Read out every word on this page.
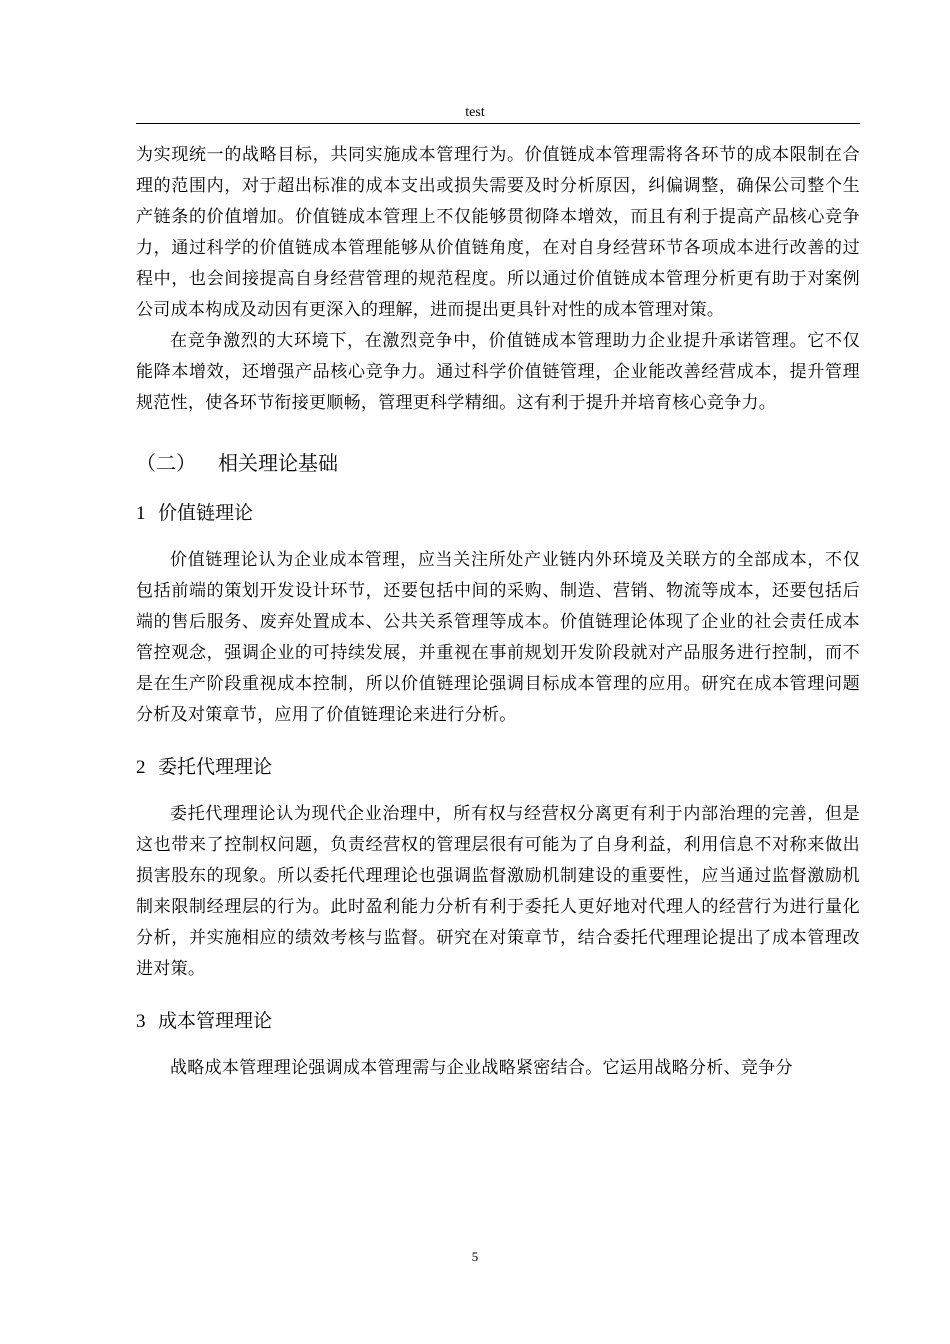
test

为实现统一的战略目标，共同实施成本管理行为。价值链成本管理需将各环节的成本限制在合理的范围内，对于超出标准的成本支出或损失需要及时分析原因，纠偏调整，确保公司整个生产链条的价值增加。价值链成本管理上不仅能够贯彻降本增效，而且有利于提高产品核心竞争力，通过科学的价值链成本管理能够从价值链角度，在对自身经营环节各项成本进行改善的过程中，也会间接提高自身经营管理的规范程度。所以通过价值链成本管理分析更有助于对案例公司成本构成及动因有更深入的理解，进而提出更具针对性的成本管理对策。

在竞争激烈的大环境下，在激烈竞争中，价值链成本管理助力企业提升承诺管理。它不仅能降本增效，还增强产品核心竞争力。通过科学价值链管理，企业能改善经营成本，提升管理规范性，使各环节衔接更顺畅，管理更科学精细。这有利于提升并培育核心竞争力。

（二） 相关理论基础
1 价值链理论

价值链理论认为企业成本管理，应当关注所处产业链内外环境及关联方的全部成本，不仅包括前端的策划开发设计环节，还要包括中间的采购、制造、营销、物流等成本，还要包括后端的售后服务、废弃处置成本、公共关系管理等成本。价值链理论体现了企业的社会责任成本管控观念，强调企业的可持续发展，并重视在事前规划开发阶段就对产品服务进行控制，而不是在生产阶段重视成本控制，所以价值链理论强调目标成本管理的应用。研究在成本管理问题分析及对策章节，应用了价值链理论来进行分析。

2 委托代理理论

委托代理理论认为现代企业治理中，所有权与经营权分离更有利于内部治理的完善，但是这也带来了控制权问题，负责经营权的管理层很有可能为了自身利益，利用信息不对称来做出损害股东的现象。所以委托代理理论也强调监督激励机制建设的重要性，应当通过监督激励机制来限制经理层的行为。此时盈利能力分析有利于委托人更好地对代理人的经营行为进行量化分析，并实施相应的绩效考核与监督。研究在对策章节，结合委托代理理论提出了成本管理改进对策。

3 成本管理理论

战略成本管理理论强调成本管理需与企业战略紧密结合。它运用战略分析、竞争分

5
